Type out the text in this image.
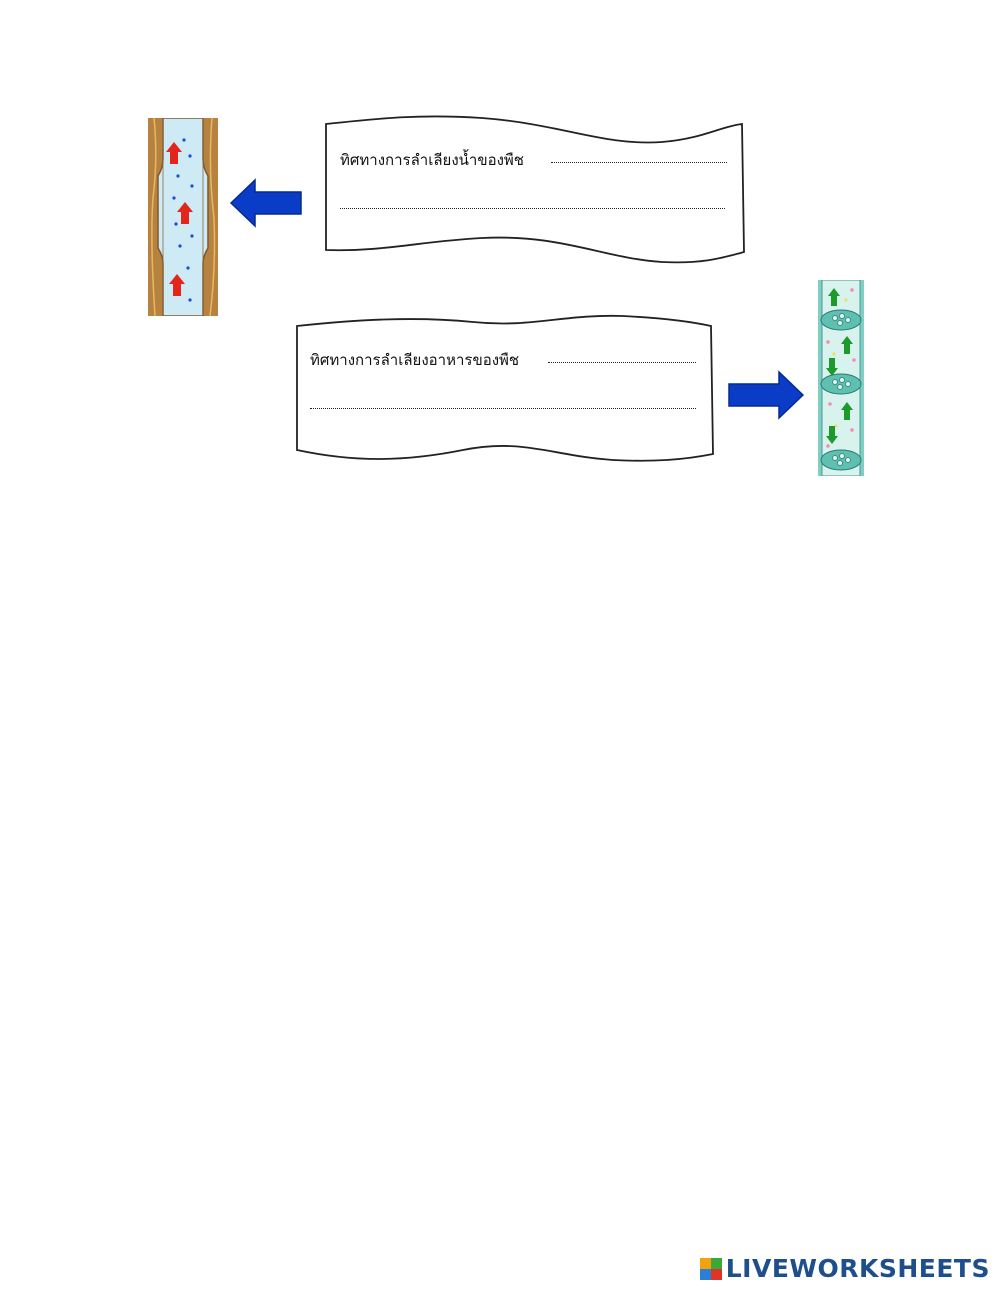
ทิศทางการลำเลียงน้ำของพืช
ทิศทางการลำเลียงอาหารของพืช
LIVEWORKSHEETS
